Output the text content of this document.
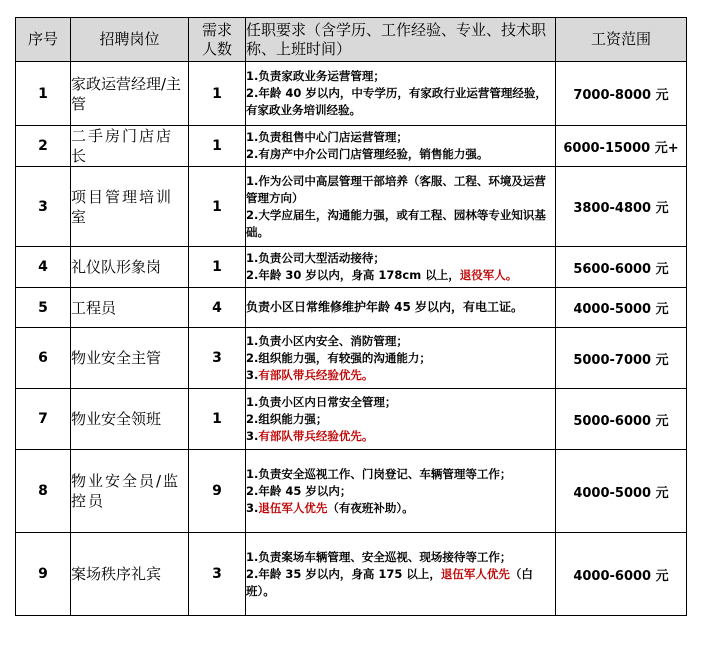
序号	招聘岗位	需求人数	任职要求（含学历、工作经验、专业、技术职称、上班时间）	工资范围
1	家政运营经理/主管	1	1.负责家政业务运营管理；
2.年龄 40 岁以内，中专学历，有家政行业运营管理经验，有家政业务培训经验。	7000-8000 元
2	二手房门店店长	1	1.负责租售中心门店运营管理；
2.有房产中介公司门店管理经验，销售能力强。	6000-15000 元+
3	项目管理培训室	1	1.作为公司中高层管理干部培养（客服、工程、环境及运营管理方向）
2.大学应届生，沟通能力强，或有工程、园林等专业知识基础。	3800-4800 元
4	礼仪队形象岗	1	1.负责公司大型活动接待；
2.年龄 30 岁以内，身高 178cm 以上，退役军人。	5600-6000 元
5	工程员	4	负责小区日常维修维护年龄 45 岁以内，有电工证。	4000-5000 元
6	物业安全主管	3	1.负责小区内安全、消防管理；
2.组织能力强，有较强的沟通能力；
3.有部队带兵经验优先。	5000-7000 元
7	物业安全领班	1	1.负责小区内日常安全管理；
2.组织能力强；
3.有部队带兵经验优先。	5000-6000 元
8	物业安全员/监控员	9	1.负责安全巡视工作、门岗登记、车辆管理等工作；
2.年龄 45 岁以内；
3.退伍军人优先（有夜班补助）。	4000-5000 元
9	案场秩序礼宾	3	1.负责案场车辆管理、安全巡视、现场接待等工作；
2.年龄 35 岁以内，身高 175 以上，退伍军人优先（白班）。	4000-6000 元
